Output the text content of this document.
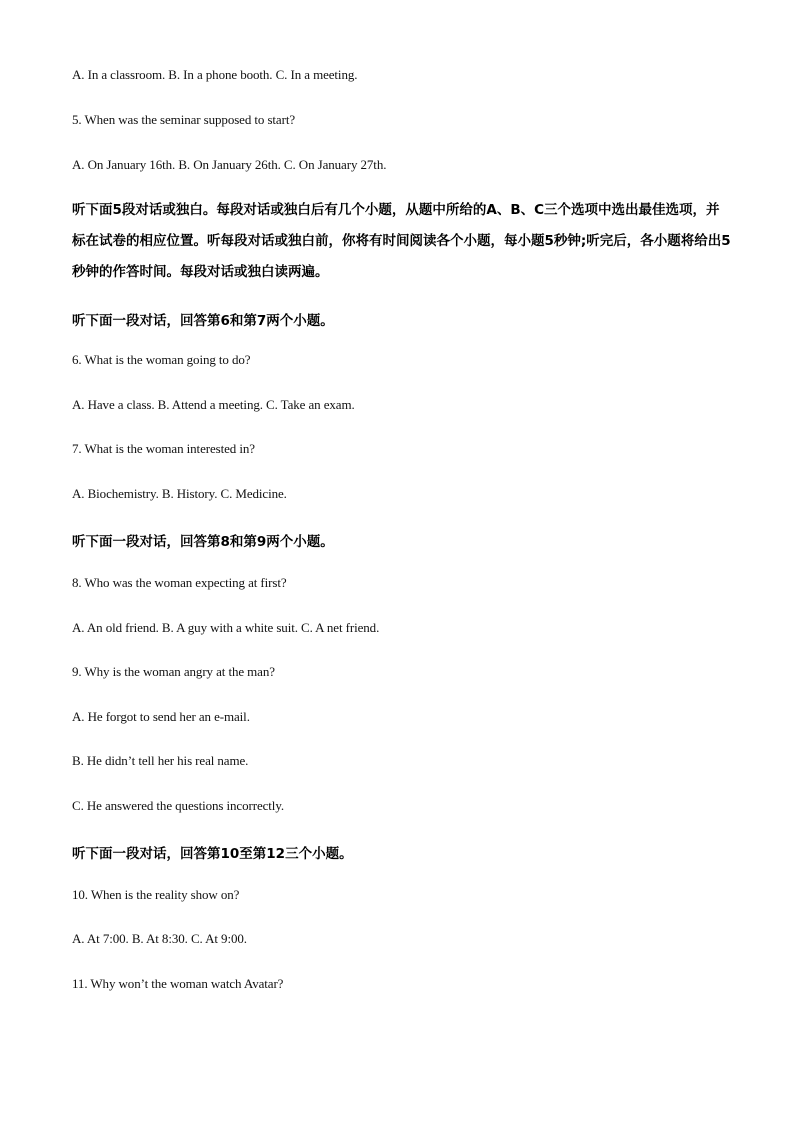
A. In a classroom. B. In a phone booth. C. In a meeting.
5. When was the seminar supposed to start?
A. On January 16th. B. On January 26th. C. On January 27th.
听下面5段对话或独白。每段对话或独白后有几个小题，从题中所给的A、B、C三个选项中选出最佳选项，并标在试卷的相应位置。听每段对话或独白前，你将有时间阅读各个小题，每小题5秒钟;听完后，各小题将给出5秒钟的作答时间。每段对话或独白读两遍。
听下面一段对话，回答第6和第7两个小题。
6. What is the woman going to do?
A. Have a class. B. Attend a meeting. C. Take an exam.
7. What is the woman interested in?
A. Biochemistry. B. History. C. Medicine.
听下面一段对话，回答第8和第9两个小题。
8. Who was the woman expecting at first?
A. An old friend. B. A guy with a white suit. C. A net friend.
9. Why is the woman angry at the man?
A. He forgot to send her an e-mail.
B. He didn’t tell her his real name.
C. He answered the questions incorrectly.
听下面一段对话，回答第10至第12三个小题。
10. When is the reality show on?
A. At 7:00. B. At 8:30. C. At 9:00.
11. Why won’t the woman watch Avatar?
